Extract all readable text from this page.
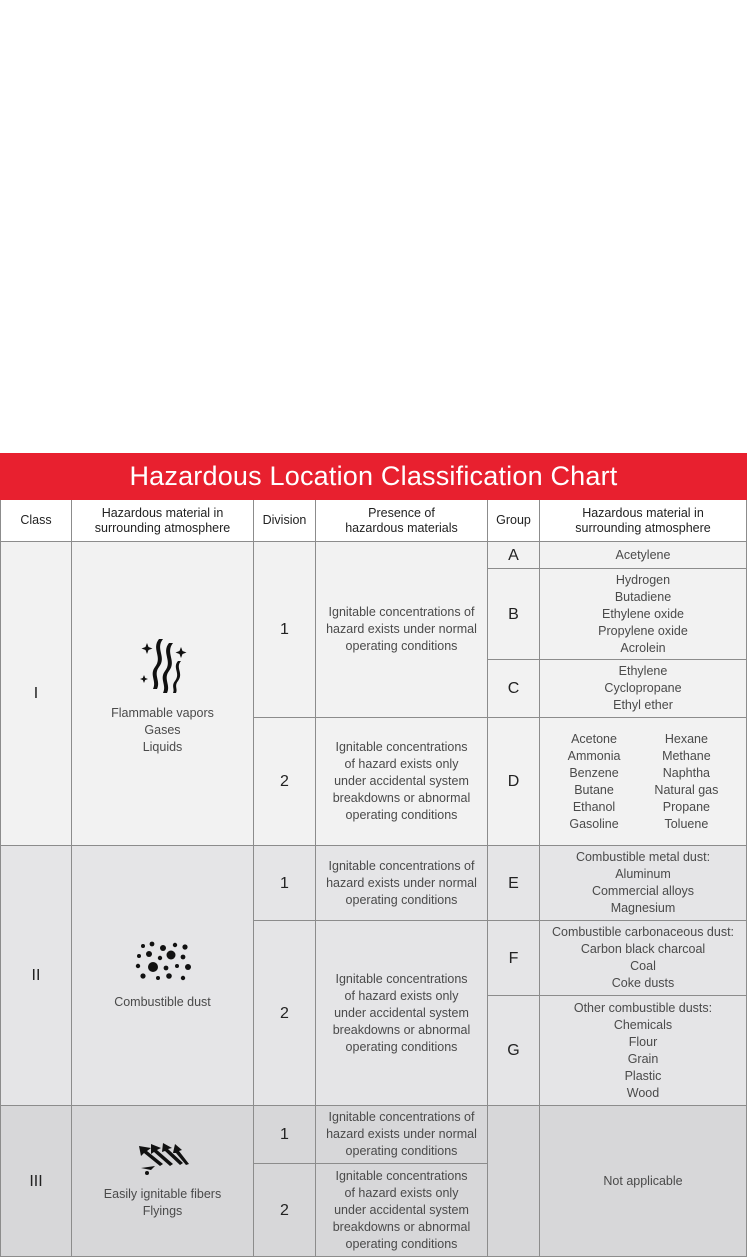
Hazardous Location Classification Chart
Class
Hazardous material in
surrounding atmosphere
Division
Presence of
hazardous materials
Group
Hazardous material in
surrounding atmosphere
I
Flammable vapors
Gases
Liquids
1
Ignitable concentrations of
hazard exists under normal
operating conditions
A	Acetylene
B
Hydrogen
Butadiene
Ethylene oxide
Propylene oxide
Acrolein
C
Ethylene
Cyclopropane
Ethyl ether
2
Ignitable concentrations
of hazard exists only
under accidental system
breakdowns or abnormal
operating conditions
D
Acetone
Ammonia
Benzene
Butane
Ethanol
Gasoline
Hexane
Methane
Naphtha
Natural gas
Propane
Toluene
II
Combustible dust
1
Ignitable concentrations of
hazard exists under normal
operating conditions
E
Combustible metal dust:
Aluminum
Commercial alloys
Magnesium
2
Ignitable concentrations
of hazard exists only
under accidental system
breakdowns or abnormal
operating conditions
F
Combustible carbonaceous dust:
Carbon black charcoal
Coal
Coke dusts
G
Other combustible dusts:
Chemicals
Flour
Grain
Plastic
Wood
III
Easily ignitable fibers
Flyings
1
Ignitable concentrations of
hazard exists under normal
operating conditions
2
Ignitable concentrations
of hazard exists only
under accidental system
breakdowns or abnormal
operating conditions
Not applicable
